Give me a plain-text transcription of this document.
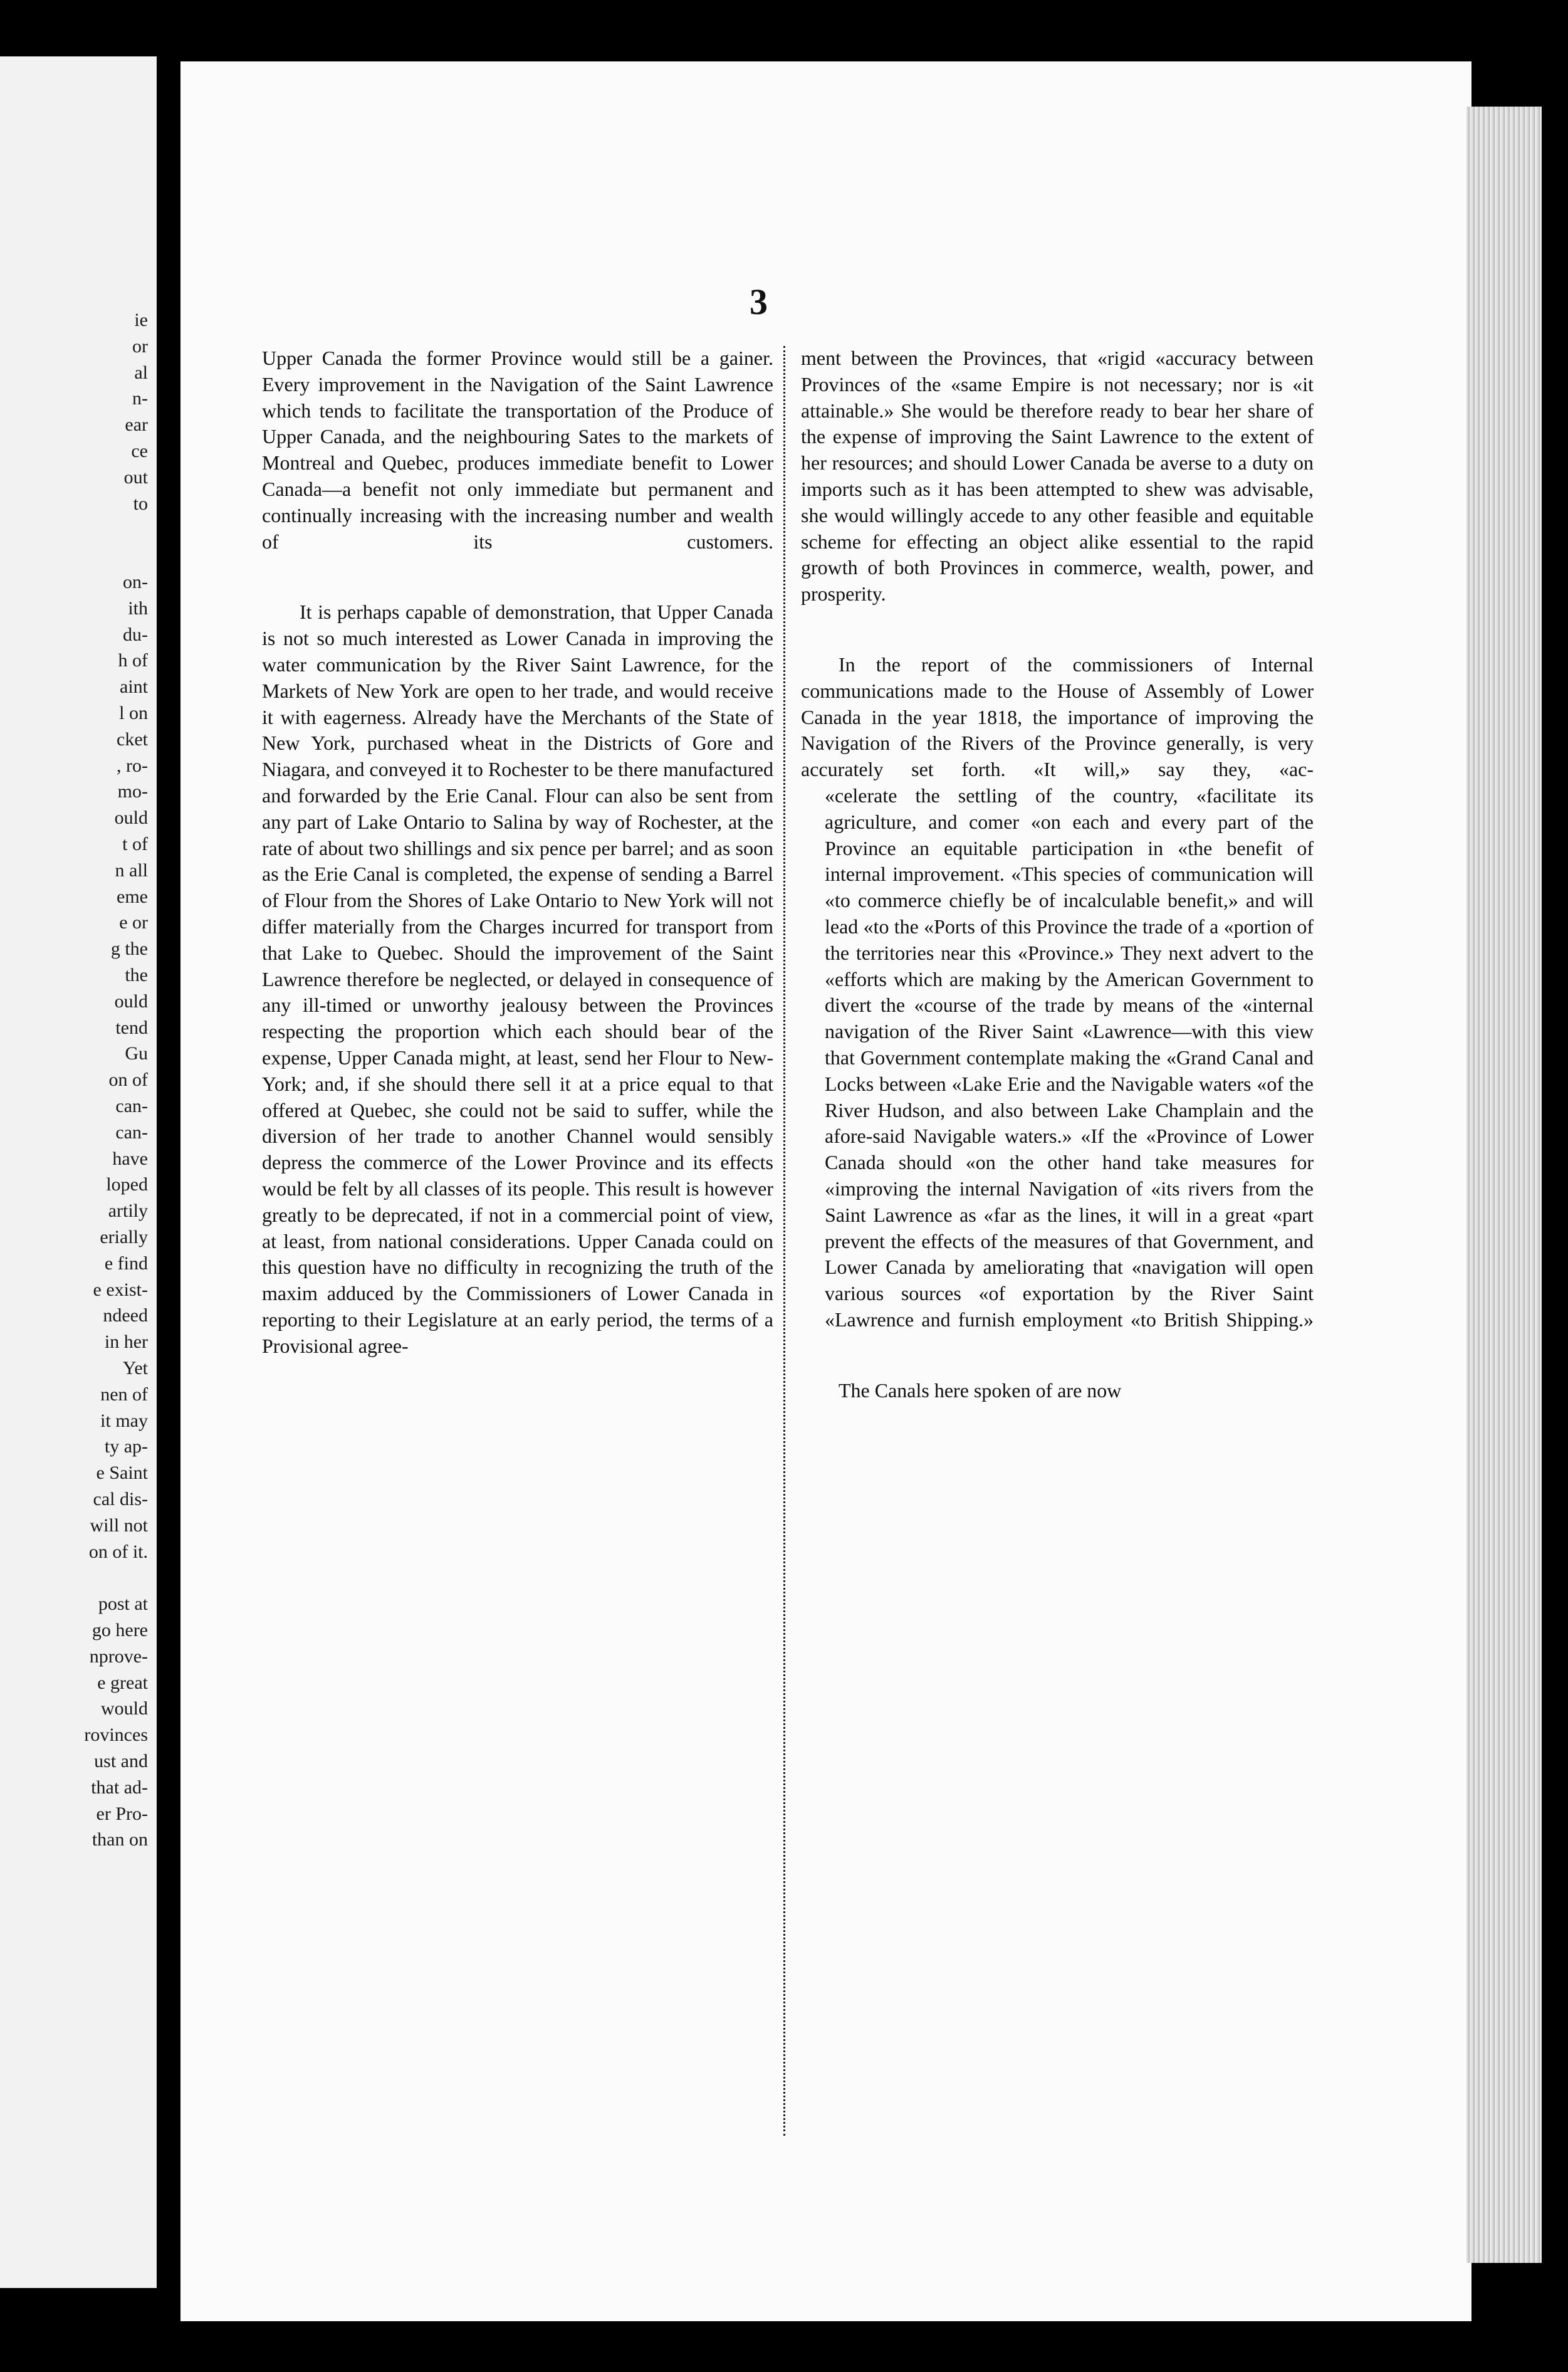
ie
or
al
n-
ear
ce
out
to
on-
ith
du-
h of
aint
l on
cket
, ro-
mo-
ould
t of
n all
eme
e or
g the
the
ould
tend
Gu
on of
can-
can-
have
loped
artily
erially
e find
e exist-
ndeed
in her
Yet
nen of
it may
ty ap-
e Saint
cal dis-
will not
on of it.
post at
go here
nprove-
e great
would
rovinces
ust and
that ad-
er Pro-
than on
3

Upper Canada the former Province would still be a gainer. Every improvement in the Navigation of the Saint Lawrence which tends to facilitate the transportation of the Produce of Upper Canada, and the neighbouring Sates to the markets of Montreal and Quebec, produces immediate benefit to Lower Canada—a benefit not only immediate but permanent and continually increasing with the increasing number and wealth of its customers.

It is perhaps capable of demonstration, that Upper Canada is not so much interested as Lower Canada in improving the water communication by the River Saint Lawrence, for the Markets of New York are open to her trade, and would receive it with eagerness. Already have the Merchants of the State of New York, purchased wheat in the Districts of Gore and Niagara, and conveyed it to Rochester to be there manufactured and forwarded by the Erie Canal. Flour can also be sent from any part of Lake Ontario to Salina by way of Rochester, at the rate of about two shillings and six pence per barrel; and as soon as the Erie Canal is completed, the expense of sending a Barrel of Flour from the Shores of Lake Ontario to New York will not differ materially from the Charges incurred for transport from that Lake to Quebec. Should the improvement of the Saint Lawrence therefore be neglected, or delayed in consequence of any ill-timed or unworthy jealousy between the Provinces respecting the proportion which each should bear of the expense, Upper Canada might, at least, send her Flour to New-York; and, if she should there sell it at a price equal to that offered at Quebec, she could not be said to suffer, while the diversion of her trade to another Channel would sensibly depress the commerce of the Lower Province and its effects would be felt by all classes of its people. This result is however greatly to be deprecated, if not in a commercial point of view, at least, from national considerations. Upper Canada could on this question have no difficulty in recognizing the truth of the maxim adduced by the Commissioners of Lower Canada in reporting to their Legislature at an early period, the terms of a Provisional agree-

ment between the Provinces, that «rigid «accuracy between Provinces of the «same Empire is not necessary; nor is «it attainable.» She would be therefore ready to bear her share of the expense of improving the Saint Lawrence to the extent of her resources; and should Lower Canada be averse to a duty on imports such as it has been attempted to shew was advisable, she would willingly accede to any other feasible and equitable scheme for effecting an object alike essential to the rapid growth of both Provinces in commerce, wealth, power, and prosperity.

In the report of the commissioners of Internal communications made to the House of Assembly of Lower Canada in the year 1818, the importance of improving the Navigation of the Rivers of the Province generally, is very accurately set forth. «It will,» say they, «ac-

«celerate the settling of the country, «facilitate its agriculture, and comer «on each and every part of the Province an equitable participation in «the benefit of internal improvement. «This species of communication will «to commerce chiefly be of incalculable benefit,» and will lead «to the «Ports of this Province the trade of a «portion of the territories near this «Province.» They next advert to the «efforts which are making by the American Government to divert the «course of the trade by means of the «internal navigation of the River Saint «Lawrence—with this view that Government contemplate making the «Grand Canal and Locks between «Lake Erie and the Navigable waters «of the River Hudson, and also between Lake Champlain and the afore-said Navigable waters.» «If the «Province of Lower Canada should «on the other hand take measures for «improving the internal Navigation of «its rivers from the Saint Lawrence as «far as the lines, it will in a great «part prevent the effects of the measures of that Government, and Lower Canada by ameliorating that «navigation will open various sources «of exportation by the River Saint «Lawrence and furnish employment «to British Shipping.»

The Canals here spoken of are now
